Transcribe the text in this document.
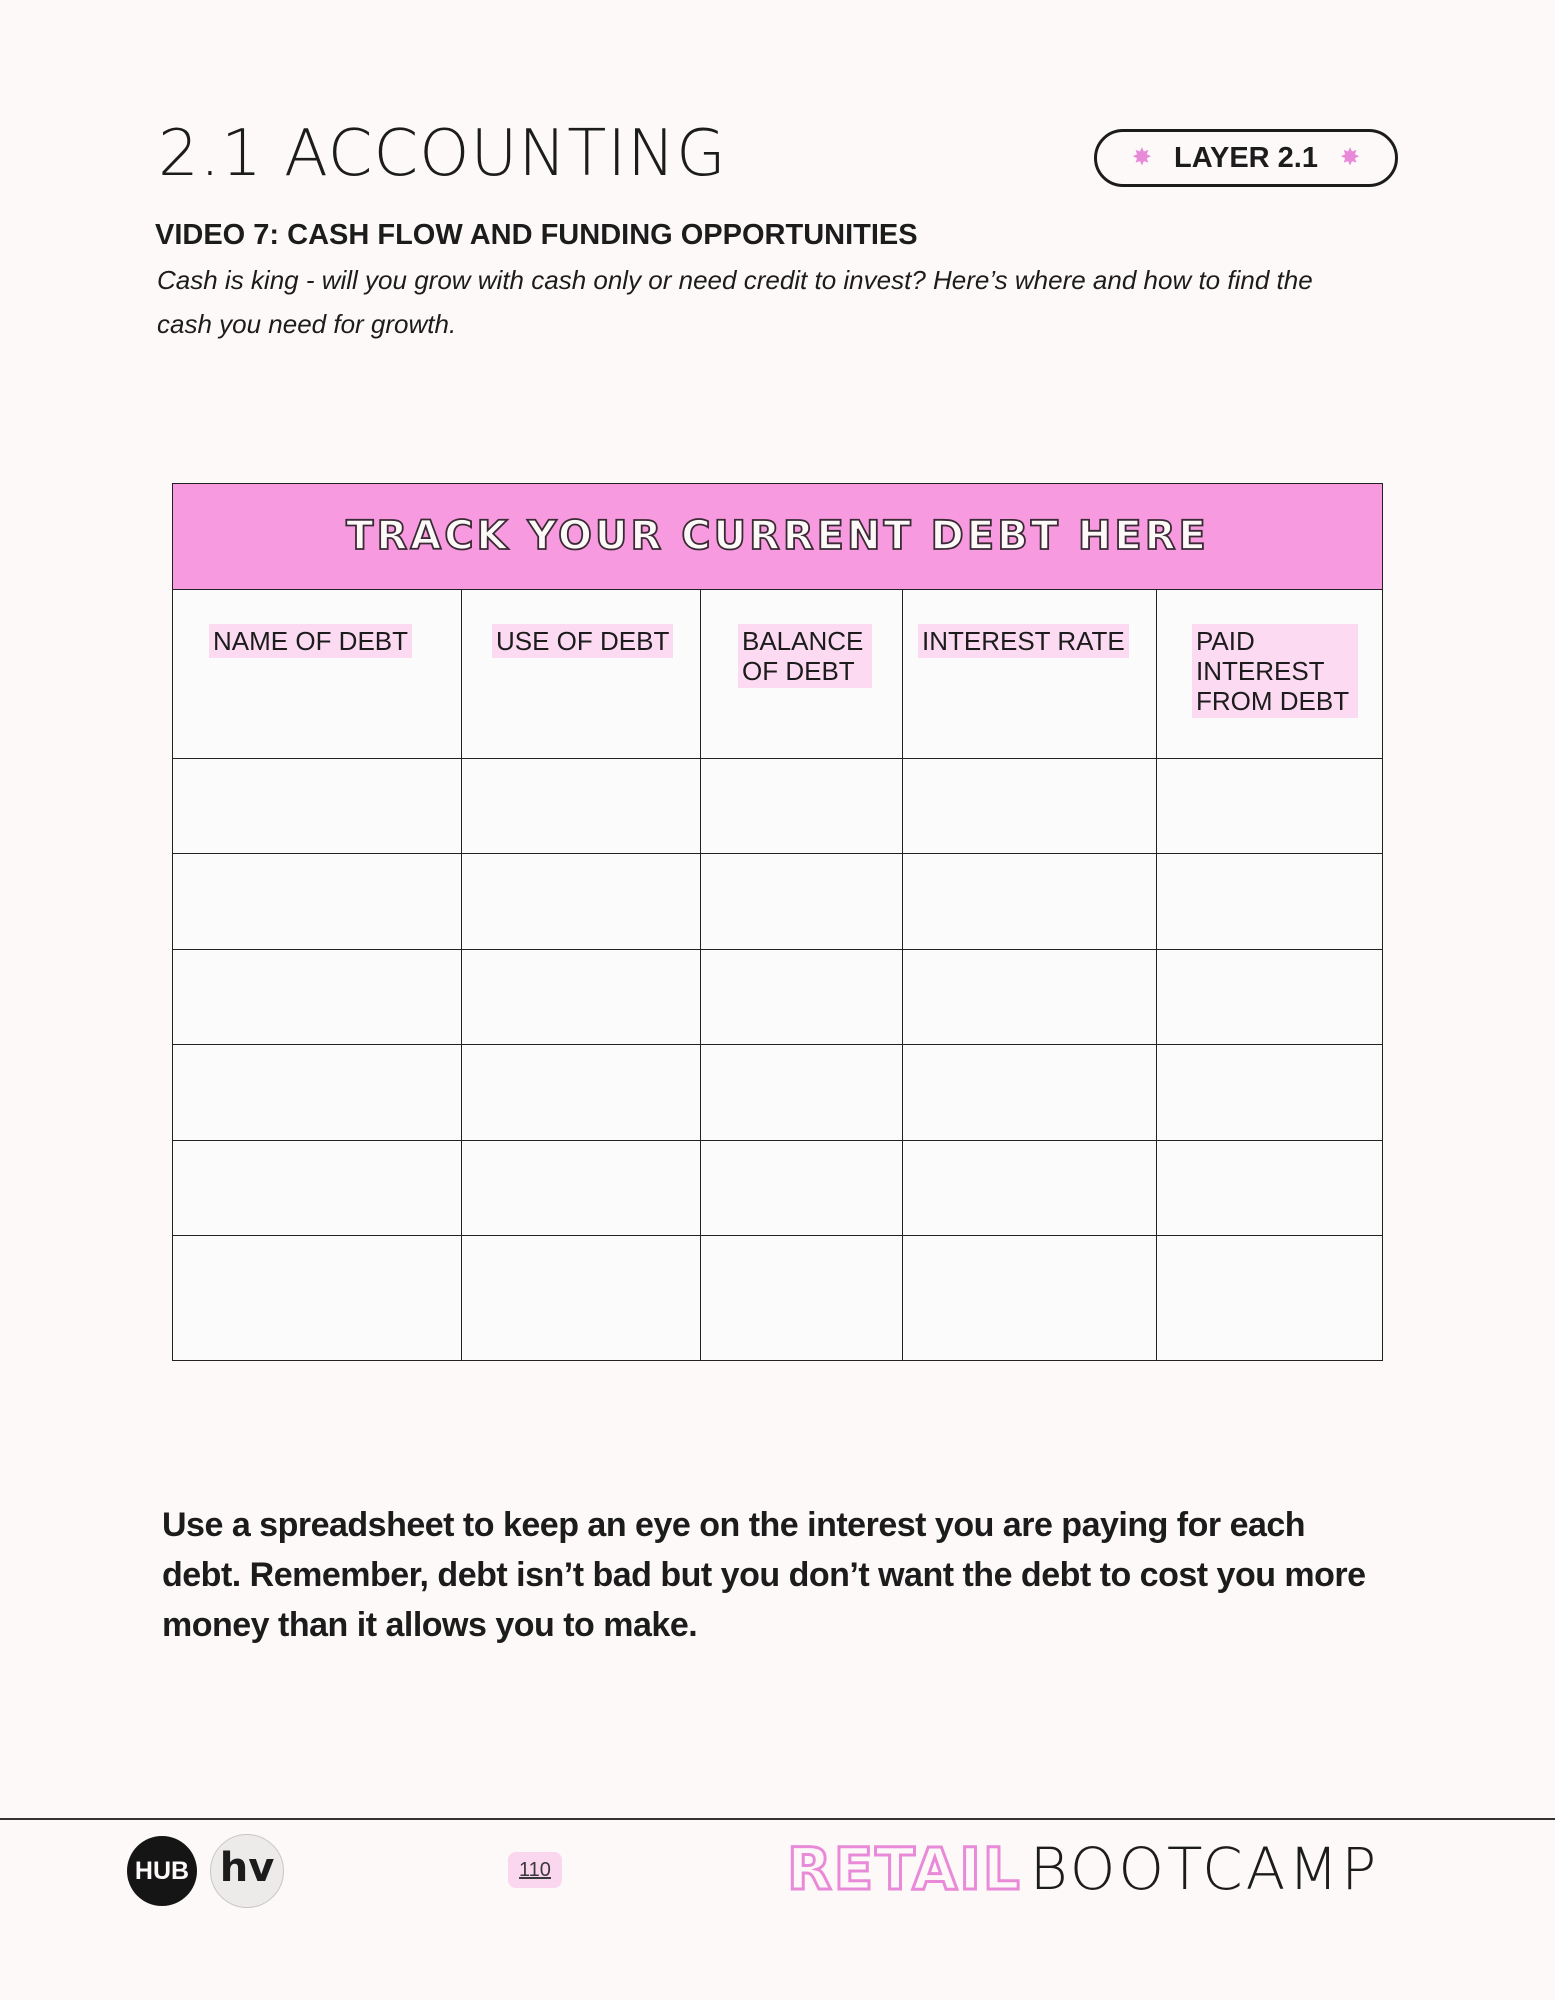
2.1 ACCOUNTING	✸ LAYER 2.1 ✸
VIDEO 7: CASH FLOW AND FUNDING OPPORTUNITIES
Cash is king - will you grow with cash only or need credit to invest? Here’s where and how to find the cash you need for growth.
TRACK YOUR CURRENT DEBT HERE				
NAME OF DEBT	USE OF DEBT	BALANCE OF DEBT	INTEREST RATE	PAID INTEREST FROM DEBT

Use a spreadsheet to keep an eye on the interest you are paying for each debt. Remember, debt isn’t bad but you don’t want the debt to cost you more money than it allows you to make.
HUB hv	110	RETAIL BOOTCAMP
